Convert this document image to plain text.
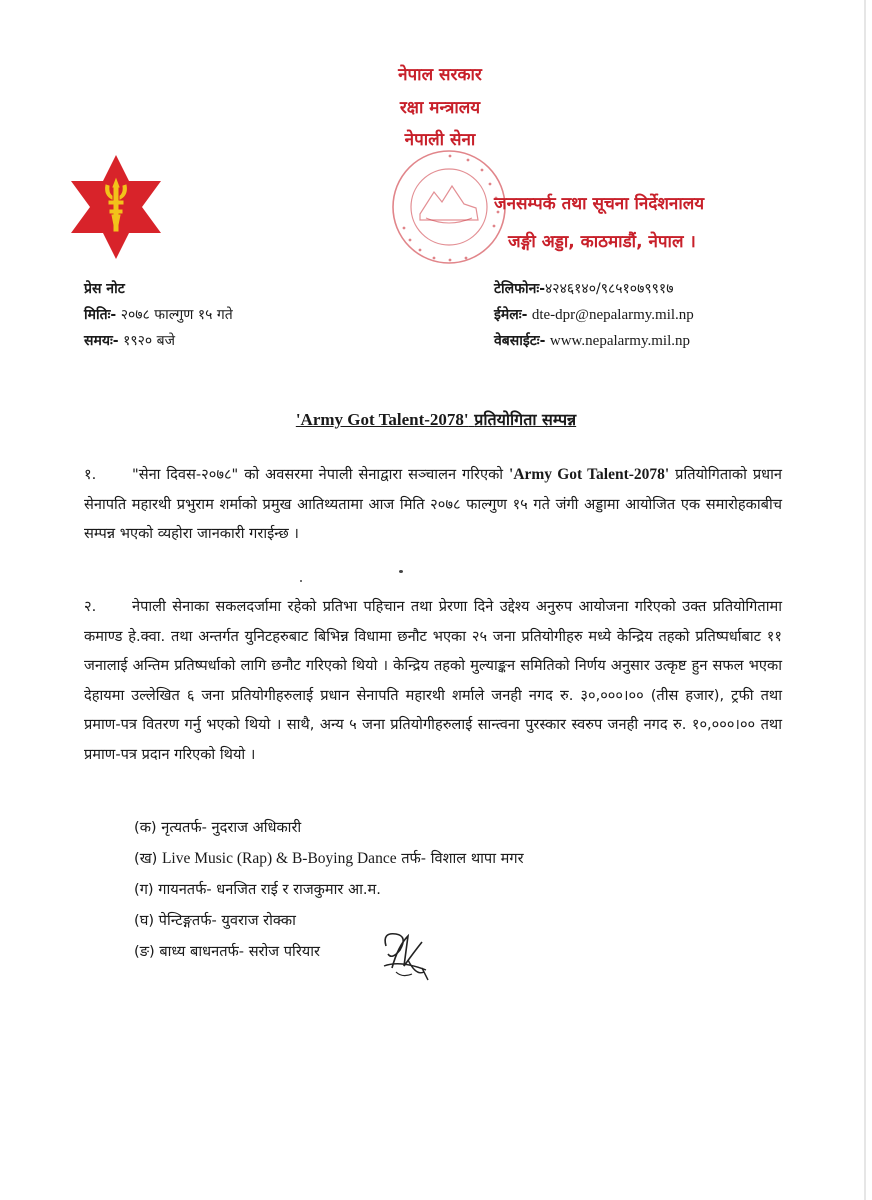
नेपाल सरकार
रक्षा मन्त्रालय
नेपाली सेना
जनसम्पर्क तथा सूचना निर्देशनालय
जङ्गी अड्डा, काठमाडौं, नेपाल ।
प्रेस नोट
मितिः- २०७८ फाल्गुण १५ गते
समयः- १९२० बजे
टेलिफोनः-४२४६१४०/९८५१०७९९१७
ईमेलः- dte-dpr@nepalarmy.mil.np
वेबसाईटः- www.nepalarmy.mil.np
'Army Got Talent-2078' प्रतियोगिता सम्पन्न
१. "सेना दिवस-२०७८" को अवसरमा नेपाली सेनाद्वारा सञ्चालन गरिएको 'Army Got Talent-2078' प्रतियोगिताको प्रधान सेनापति महारथी प्रभुराम शर्माको प्रमुख आतिथ्यतामा आज मिति २०७८ फाल्गुण १५ गते जंगी अड्डामा आयोजित एक समारोहकाबीच सम्पन्न भएको व्यहोरा जानकारी गराईन्छ ।
२. नेपाली सेनाका सकलदर्जामा रहेको प्रतिभा पहिचान तथा प्रेरणा दिने उद्देश्य अनुरुप आयोजना गरिएको उक्त प्रतियोगितामा कमाण्ड हे.क्वा. तथा अन्तर्गत युनिटहरुबाट बिभिन्न विधामा छनौट भएका २५ जना प्रतियोगीहरु मध्ये केन्द्रिय तहको प्रतिष्पर्धाबाट ११ जनालाई अन्तिम प्रतिष्पर्धाको लागि छनौट गरिएको थियो । केन्द्रिय तहको मुल्याङ्कन समितिको निर्णय अनुसार उत्कृष्ट हुन सफल भएका देहायमा उल्लेखित ६ जना प्रतियोगीहरुलाई प्रधान सेनापति महारथी शर्माले जनही नगद रु. ३०,०००।०० (तीस हजार), ट्रफी तथा प्रमाण-पत्र वितरण गर्नु भएको थियो । साथै, अन्य ५ जना प्रतियोगीहरुलाई सान्त्वना पुरस्कार स्वरुप जनही नगद रु. १०,०००।०० तथा प्रमाण-पत्र प्रदान गरिएको थियो ।
(क) नृत्यतर्फ- नुदराज अधिकारी
(ख) Live Music (Rap) & B-Boying Dance तर्फ- विशाल थापा मगर
(ग) गायनतर्फ- धनजित राई र राजकुमार आ.म.
(घ) पेन्टिङ्गतर्फ- युवराज रोक्का
(ङ) बाध्य बाधनतर्फ- सरोज परियार
